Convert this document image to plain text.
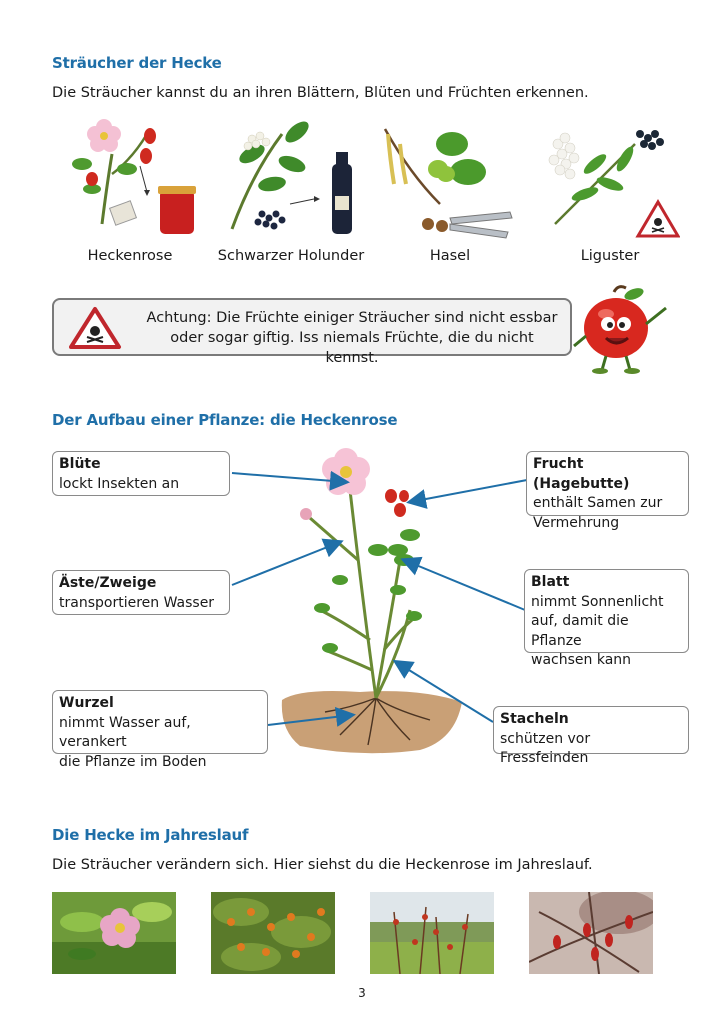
Sträucher der Hecke
Die Sträucher kannst du an ihren Blättern, Blüten und Früchten erkennen.
Heckenrose	Schwarzer Holunder	Hasel	Liguster
Achtung: Die Früchte einiger Sträucher sind nicht essbar
oder sogar giftig. Iss niemals Früchte, die du nicht kennst.
Der Aufbau einer Pflanze: die Heckenrose
Blüte
lockt Insekten an
Äste/Zweige
transportieren Wasser
Wurzel
nimmt Wasser auf, verankert
die Pflanze im Boden
Frucht (Hagebutte)
enthält Samen zur
Vermehrung
Blatt
nimmt Sonnenlicht
auf, damit die Pflanze
wachsen kann
Stacheln
schützen vor Fressfeinden
Die Hecke im Jahreslauf
Die Sträucher verändern sich. Hier siehst du die Heckenrose im Jahreslauf.
3
